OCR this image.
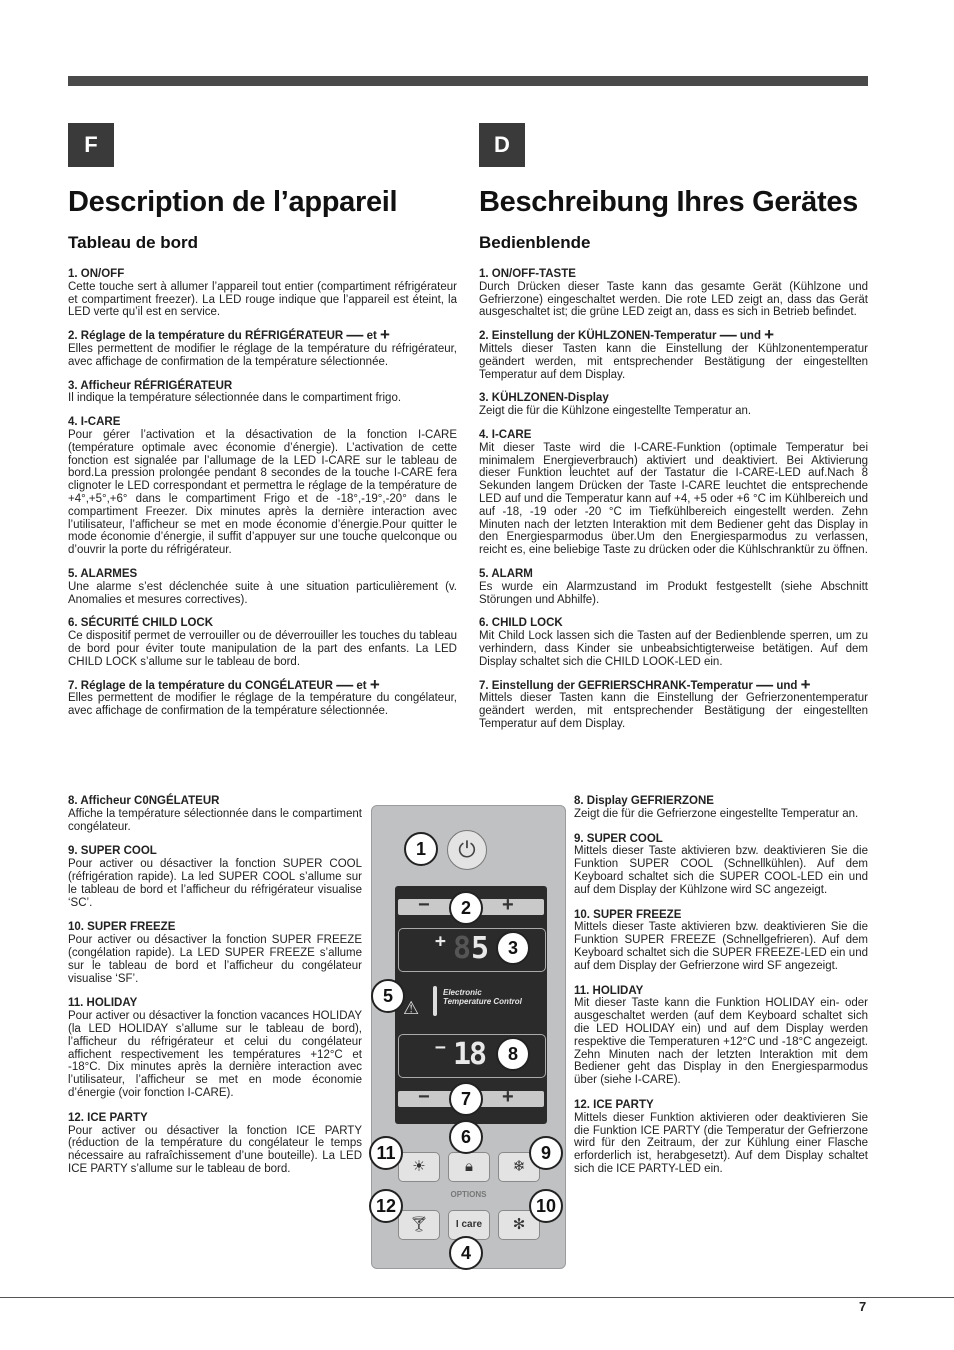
F
Description de l’appareil
Tableau de bord
1. ON/OFF
Cette touche sert à allumer l’appareil tout entier (compartiment réfrigérateur et compartiment freezer). La LED rouge indique que l’appareil est éteint, la LED verte qu’il est en service.
2. Réglage de la température du RÉFRIGÉRATEUR — et +
Elles permettent de modifier le réglage de la température du réfrigérateur, avec affichage de confirmation de la température sélectionnée.
3. Afficheur RÉFRIGÉRATEUR
Il indique la température sélectionnée dans le compartiment frigo.
4. I-CARE
Pour gérer l’activation et la désactivation de la fonction I-CARE (température optimale avec économie d’énergie). L’activation de cette fonction est signalée par l’allumage de la LED I-CARE sur le tableau de bord.La pression prolongée pendant 8 secondes de la touche I-CARE fera clignoter le LED correspondant et permettra le réglage de la température de +4°,+5°,+6° dans le compartiment Frigo et de -18°,-19°,-20° dans le compartiment Freezer. Dix minutes après la dernière interaction avec l’utilisateur, l’afficheur se met en mode économie d’énergie.Pour quitter le mode économie d’énergie, il suffit d’appuyer sur une touche quelconque ou d’ouvrir la porte du réfrigérateur.
5. ALARMES
Une alarme s’est déclenchée suite à une situation particulièrement (v. Anomalies et mesures correctives).
6. SÉCURITÉ CHILD LOCK
Ce dispositif permet de verrouiller ou de déverrouiller les touches du tableau de bord pour éviter toute manipulation de la part des enfants. La LED CHILD LOCK s’allume sur le tableau de bord.
7. Réglage de la température du CONGÉLATEUR — et +
Elles permettent de modifier le réglage de la température du congélateur, avec affichage de confirmation de la température sélectionnée.
8. Afficheur C0NGÉLATEUR
Affiche la température sélectionnée dans le compartiment congélateur.
9. SUPER COOL
Pour activer ou désactiver la fonction SUPER COOL (réfrigération rapide). La led SUPER COOL s’allume sur le tableau de bord et l’afficheur du réfrigérateur visualise ‘SC’.
10. SUPER FREEZE
Pour activer ou désactiver la fonction SUPER FREEZE (congélation rapide). La LED SUPER FREEZE s’allume sur le tableau de bord et l’afficheur du congélateur visualise ‘SF’.
11. HOLIDAY
Pour activer ou désactiver la fonction vacances HOLIDAY (la LED HOLIDAY s’allume sur le tableau de bord), l’afficheur du réfrigérateur et celui du congélateur affichent respectivement les températures +12°C et -18°C. Dix minutes après la dernière interaction avec l’utilisateur, l’afficheur se met en mode économie d’énergie (voir fonction I-CARE).
12. ICE PARTY
Pour activer ou désactiver la fonction ICE PARTY (réduction de la température du congélateur le temps nécessaire au rafraîchissement d’une bouteille). La LED ICE PARTY s’allume sur le tableau de bord.
D
Beschreibung Ihres Gerätes
Bedienblende
1. ON/OFF-TASTE
Durch Drücken dieser Taste kann das gesamte Gerät (Kühlzone und Gefrierzone) eingeschaltet werden. Die rote LED zeigt an, dass das Gerät ausgeschaltet ist; die grüne LED zeigt an, dass es sich in Betrieb befindet.
2. Einstellung der KÜHLZONEN-Temperatur — und +
Mittels dieser Tasten kann die Einstellung der Kühlzonentemperatur geändert werden, mit entsprechender Bestätigung der eingestellten Temperatur auf dem Display.
3. KÜHLZONEN-Display
Zeigt die für die Kühlzone eingestellte Temperatur an.
4. I-CARE
Mit dieser Taste wird die I-CARE-Funktion (optimale Temperatur bei minimalem Energieverbrauch) aktiviert und deaktiviert. Bei Aktivierung dieser Funktion leuchtet auf der Tastatur die I-CARE-LED auf.Nach 8 Sekunden langem Drücken der Taste I-CARE leuchtet die entsprechende LED auf und die Temperatur kann auf +4, +5 oder +6 °C im Kühlbereich und auf -18, -19 oder -20 °C im Tiefkühlbereich eingestellt werden. Zehn Minuten nach der letzten Interaktion mit dem Bediener geht das Display in den Energiesparmodus über.Um den Energiesparmodus zu verlassen, reicht es, eine beliebige Taste zu drücken oder die Kühlschranktür zu öffnen.
5. ALARM
Es wurde ein Alarmzustand im Produkt festgestellt (siehe Abschnitt Störungen und Abhilfe).
6. CHILD LOCK
Mit Child Lock lassen sich die Tasten auf der Bedienblende sperren, um zu verhindern, dass Kinder sie unbeabsichtigterweise betätigen. Auf dem Display schaltet sich die CHILD LOOK-LED ein.
7. Einstellung der GEFRIERSCHRANK-Temperatur — und +
Mittels dieser Tasten kann die Einstellung der Gefrierzonentemperatur geändert werden, mit entsprechender Bestätigung der eingestellten Temperatur auf dem Display.
8. Display GEFRIERZONE
Zeigt die für die Gefrierzone eingestellte Temperatur an.
9. SUPER COOL
Mittels dieser Taste aktivieren bzw. deaktivieren Sie die Funktion SUPER COOL (Schnellkühlen). Auf dem Keyboard schaltet sich die SUPER COOL-LED ein und auf dem Display der Kühlzone wird SC angezeigt.
10. SUPER FREEZE
Mittels dieser Taste aktivieren bzw. deaktivieren Sie die Funktion SUPER FREEZE (Schnellgefrieren). Auf dem Keyboard schaltet sich die SUPER FREEZE-LED ein und auf dem Display der Gefrierzone wird SF angezeigt.
11. HOLIDAY
Mit dieser Taste kann die Funktion HOLIDAY ein- oder ausgeschaltet werden (auf dem Keyboard schaltet sich die LED HOLIDAY ein) und auf dem Display werden respektive die Temperaturen +12°C und -18°C angezeigt. Zehn Minuten nach der letzten Interaktion mit dem Bediener geht das Display in den Energiesparmodus über (siehe I-CARE).
12. ICE PARTY
Mittels dieser Funktion aktivieren oder deaktivieren Sie die Funktion ICE PARTY (die Temperatur der Gefrierzone wird für den Zeitraum, der zur Kühlung einer Flasche erforderlich ist, herabgesetzt). Auf dem Display schaltet sich die ICE PARTY-LED ein.
⏻
−	+
+ 8 5
⚠
Electronic Temperature Control
− 18
−	+
☀	🔒︎	❄
OPTIONS
🍸︎	I care	✻
1
2
3
4
5
6
7
8
9
10
11
12
7
